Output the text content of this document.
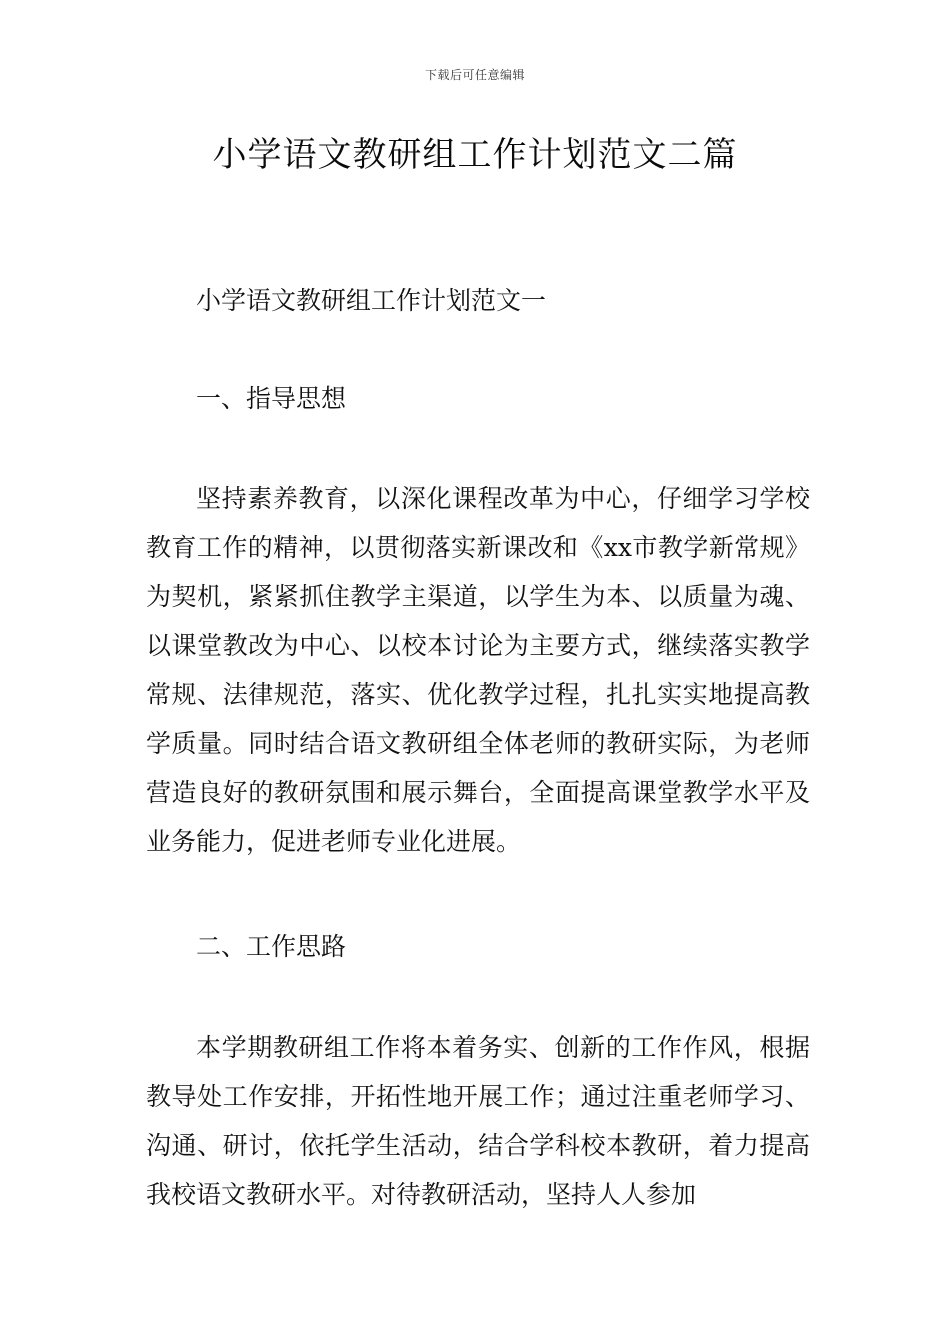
下载后可任意编辑
小学语文教研组工作计划范文二篇
小学语文教研组工作计划范文一
一、指导思想

坚持素养教育，以深化课程改革为中心，仔细学习学校教育工作的精神，以贯彻落实新课改和《xx市教学新常规》为契机，紧紧抓住教学主渠道，以学生为本、以质量为魂、以课堂教改为中心、以校本讨论为主要方式，继续落实教学常规、法律规范，落实、优化教学过程，扎扎实实地提高教学质量。同时结合语文教研组全体老师的教研实际，为老师营造良好的教研氛围和展示舞台，全面提高课堂教学水平及业务能力，促进老师专业化进展。

二、工作思路

本学期教研组工作将本着务实、创新的工作作风，根据教导处工作安排，开拓性地开展工作；通过注重老师学习、沟通、研讨，依托学生活动，结合学科校本教研，着力提高我校语文教研水平。对待教研活动，坚持人人参加
